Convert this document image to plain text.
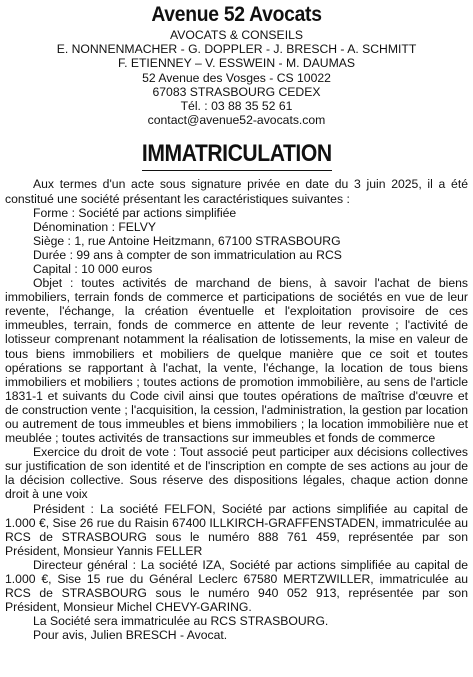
Avenue 52 Avocats
AVOCATS & CONSEILS
E. NONNENMACHER - G. DOPPLER - J. BRESCH - A. SCHMITT
F. ETIENNEY – V. ESSWEIN - M. DAUMAS
52 Avenue des Vosges - CS 10022
67083 STRASBOURG CEDEX
Tél. : 03 88 35 52 61
contact@avenue52-avocats.com
IMMATRICULATION

Aux termes d'un acte sous signature privée en date du 3 juin 2025, il a été constitué une société présentant les caractéristiques suivantes :

Forme : Société par actions simplifiée

Dénomination : FELVY

Siège : 1, rue Antoine Heitzmann, 67100 STRASBOURG

Durée : 99 ans à compter de son immatriculation au RCS

Capital : 10 000 euros

Objet : toutes activités de marchand de biens, à savoir l'achat de biens immobiliers, terrain fonds de commerce et participations de sociétés en vue de leur revente, l'échange, la création éventuelle et l'exploitation provisoire de ces immeubles, terrain, fonds de commerce en attente de leur revente ; l'activité de lotisseur comprenant notamment la réalisation de lotissements, la mise en valeur de tous biens immobiliers et mobiliers de quelque manière que ce soit et toutes opérations se rapportant à l'achat, la vente, l'échange, la location de tous biens immobiliers et mobiliers ; toutes actions de promotion immobilière, au sens de l'article 1831-1 et suivants du Code civil ainsi que toutes opérations de maîtrise d'œuvre et de construction vente ; l'acquisition, la cession, l'administration, la gestion par location ou autrement de tous immeubles et biens immobiliers ; la location immobilière nue et meublée ; toutes activités de transactions sur immeubles et fonds de commerce

Exercice du droit de vote : Tout associé peut participer aux décisions collectives sur justification de son identité et de l'inscription en compte de ses actions au jour de la décision collective. Sous réserve des dispositions légales, chaque action donne droit à une voix

Président : La société FELFON, Société par actions simplifiée au capital de 1.000 €, Sise 26 rue du Raisin 67400 ILLKIRCH-GRAFFENSTADEN, immatriculée au RCS de STRASBOURG sous le numéro 888 761 459, représentée par son Président, Monsieur Yannis FELLER

Directeur général : La société IZA, Société par actions simplifiée au capital de 1.000 €, Sise 15 rue du Général Leclerc 67580 MERTZWILLER, immatriculée au RCS de STRASBOURG sous le numéro 940 052 913, représentée par son Président, Monsieur Michel CHEVY-GARING.

La Société sera immatriculée au RCS STRASBOURG.

Pour avis, Julien BRESCH - Avocat.
